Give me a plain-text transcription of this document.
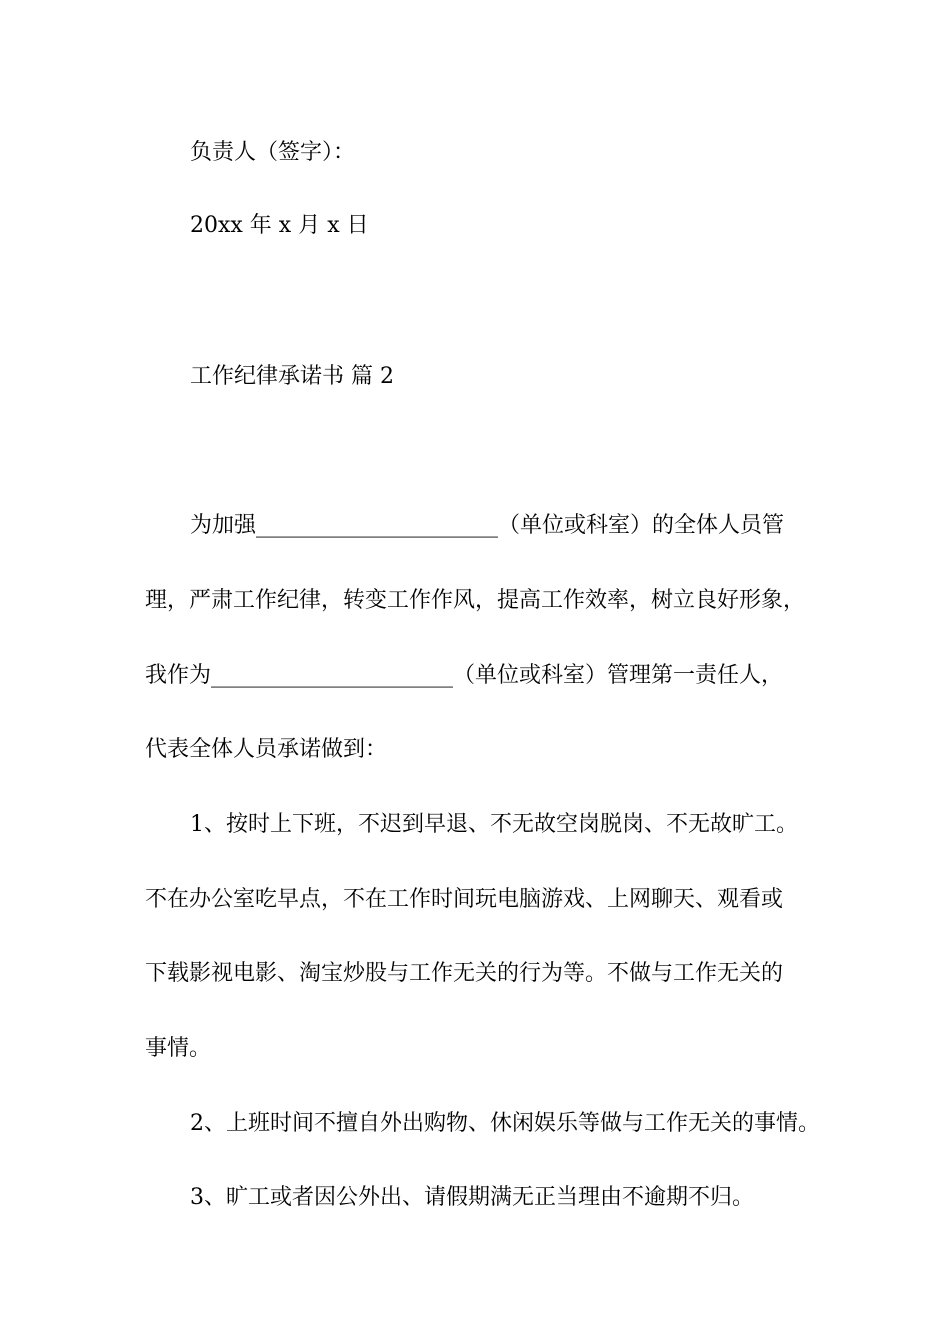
负责人（签字）：

20xx 年 x 月 x 日

工作纪律承诺书 篇 2

为加强______________________（单位或科室）的全体人员管

理，严肃工作纪律，转变工作作风，提高工作效率，树立良好形象，

我作为______________________（单位或科室）管理第一责任人，

代表全体人员承诺做到：

1、按时上下班，不迟到早退、不无故空岗脱岗、不无故旷工。

不在办公室吃早点，不在工作时间玩电脑游戏、上网聊天、观看或

下载影视电影、淘宝炒股与工作无关的行为等。不做与工作无关的

事情。

2、上班时间不擅自外出购物、休闲娱乐等做与工作无关的事情。

3、旷工或者因公外出、请假期满无正当理由不逾期不归。
